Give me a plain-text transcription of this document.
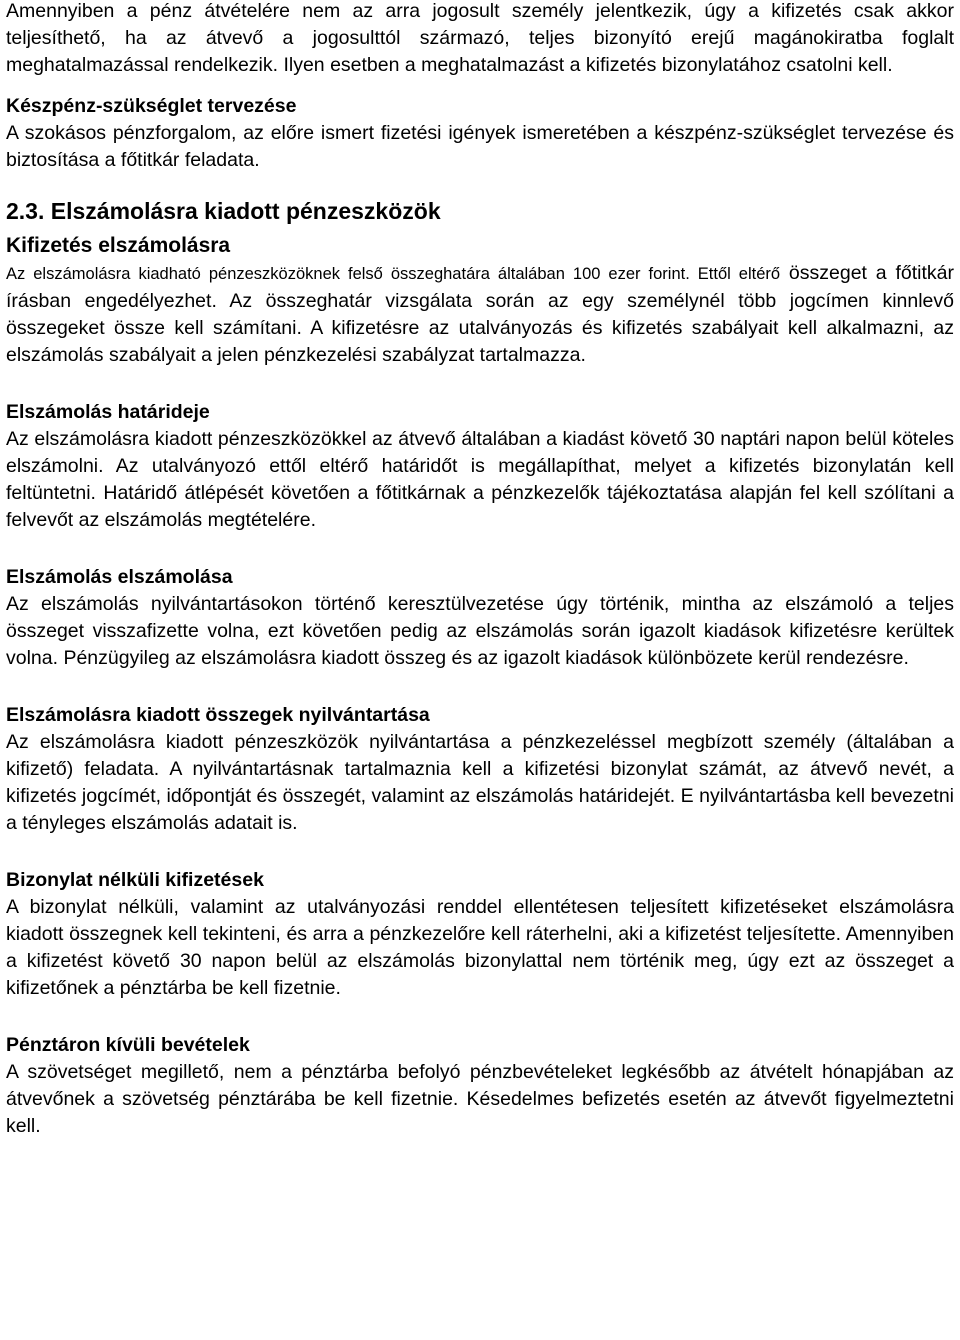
Amennyiben a pénz átvételére nem az arra jogosult személy jelentkezik, úgy a kifizetés csak akkor teljesíthető, ha az átvevő a jogosulttól származó, teljes bizonyító erejű magánokiratba foglalt meghatalmazással rendelkezik. Ilyen esetben a meghatalmazást a kifizetés bizonylatához csatolni kell.

Készpénz-szükséglet tervezése

A szokásos pénzforgalom, az előre ismert fizetési igények ismeretében a készpénz-szükséglet tervezése és biztosítása a főtitkár feladata.

2.3. Elszámolásra kiadott pénzeszközök
Kifizetés elszámolásra

Az elszámolásra kiadható pénzeszközöknek felső összeghatára általában 100 ezer forint. Ettől eltérő összeget a főtitkár írásban engedélyezhet. Az összeghatár vizsgálata során az egy személynél több jogcímen kinnlevő összegeket össze kell számítani. A kifizetésre az utalványozás és kifizetés szabályait kell alkalmazni, az elszámolás szabályait a jelen pénzkezelési szabályzat tartalmazza.

Elszámolás határideje

Az elszámolásra kiadott pénzeszközökkel az átvevő általában a kiadást követő 30 naptári napon belül köteles elszámolni. Az utalványozó ettől eltérő határidőt is megállapíthat, melyet a kifizetés bizonylatán kell feltüntetni. Határidő átlépését követően a főtitkárnak a pénzkezelők tájékoztatása alapján fel kell szólítani a felvevőt az elszámolás megtételére.

Elszámolás elszámolása

Az elszámolás nyilvántartásokon történő keresztülvezetése úgy történik, mintha az elszámoló a teljes összeget visszafizette volna, ezt követően pedig az elszámolás során igazolt kiadások kifizetésre kerültek volna. Pénzügyileg az elszámolásra kiadott összeg és az igazolt kiadások különbözete kerül rendezésre.

Elszámolásra kiadott összegek nyilvántartása

Az elszámolásra kiadott pénzeszközök nyilvántartása a pénzkezeléssel megbízott személy (általában a kifizető) feladata. A nyilvántartásnak tartalmaznia kell a kifizetési bizonylat számát, az átvevő nevét, a kifizetés jogcímét, időpontját és összegét, valamint az elszámolás határidejét. E nyilvántartásba kell bevezetni a tényleges elszámolás adatait is.

Bizonylat nélküli kifizetések

A bizonylat nélküli, valamint az utalványozási renddel ellentétesen teljesített kifizetéseket elszámolásra kiadott összegnek kell tekinteni, és arra a pénzkezelőre kell ráterhelni, aki a kifizetést teljesítette. Amennyiben a kifizetést követő 30 napon belül az elszámolás bizonylattal nem történik meg, úgy ezt az összeget a kifizetőnek a pénztárba be kell fizetnie.

Pénztáron kívüli bevételek

A szövetséget megillető, nem a pénztárba befolyó pénzbevételeket legkésőbb az átvételt hónapjában az átvevőnek a szövetség pénztárába be kell fizetnie. Késedelmes befizetés esetén az átvevőt figyelmeztetni kell.
